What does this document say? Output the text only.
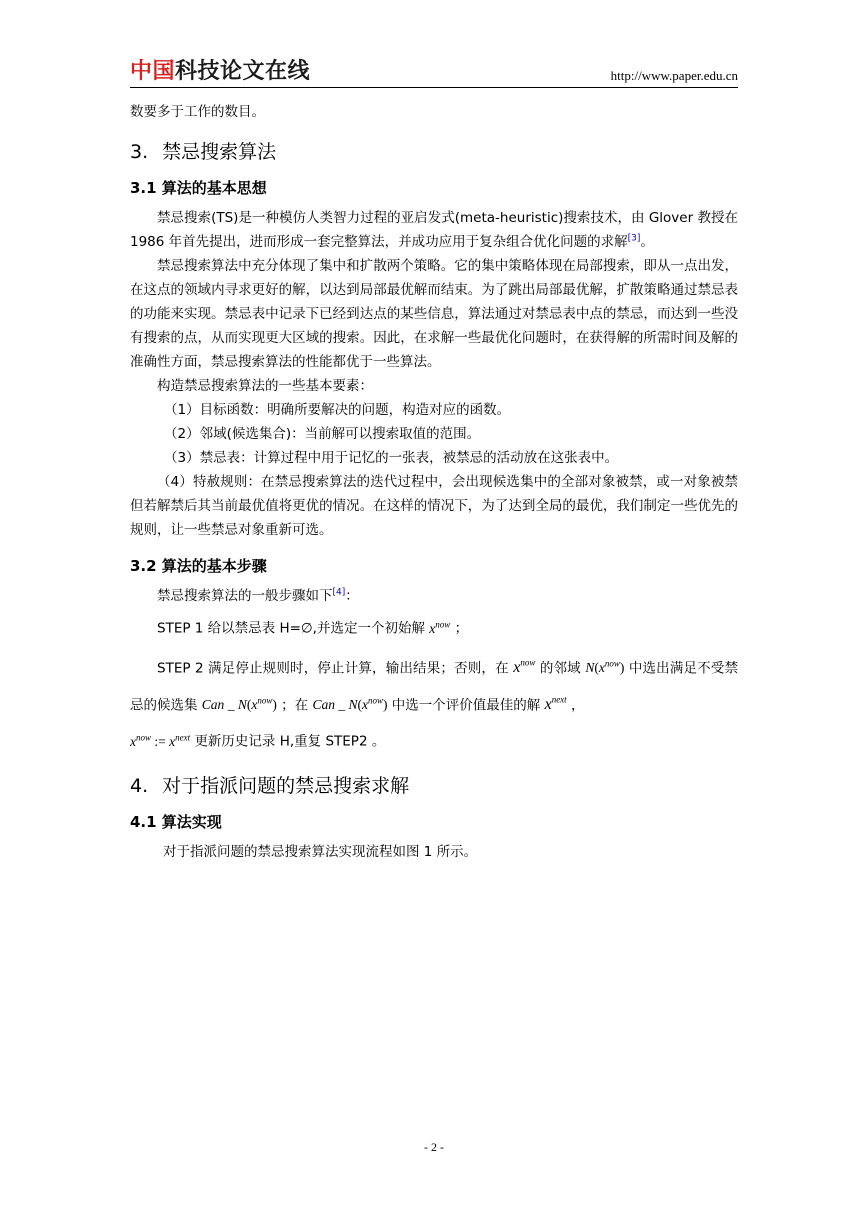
中国科技论文在线	http://www.paper.edu.cn

数要多于工作的数目。

3. 禁忌搜索算法
3.1 算法的基本思想

禁忌搜索(TS)是一种模仿人类智力过程的亚启发式(meta-heuristic)搜索技术，由 Glover 教授在 1986 年首先提出，进而形成一套完整算法，并成功应用于复杂组合优化问题的求解[3]。

禁忌搜索算法中充分体现了集中和扩散两个策略。它的集中策略体现在局部搜索，即从一点出发，在这点的领域内寻求更好的解，以达到局部最优解而结束。为了跳出局部最优解，扩散策略通过禁忌表的功能来实现。禁忌表中记录下已经到达点的某些信息，算法通过对禁忌表中点的禁忌，而达到一些没有搜索的点，从而实现更大区域的搜索。因此，在求解一些最优化问题时，在获得解的所需时间及解的准确性方面，禁忌搜索算法的性能都优于一些算法。

构造禁忌搜索算法的一些基本要素：

（1）目标函数：明确所要解决的问题，构造对应的函数。

（2）邻域(候选集合)：当前解可以搜索取值的范围。

（3）禁忌表：计算过程中用于记忆的一张表，被禁忌的活动放在这张表中。

（4）特赦规则：在禁忌搜索算法的迭代过程中，会出现候选集中的全部对象被禁，或一对象被禁但若解禁后其当前最优值将更优的情况。在这样的情况下，为了达到全局的最优，我们制定一些优先的规则，让一些禁忌对象重新可选。

3.2 算法的基本步骤

禁忌搜索算法的一般步骤如下[4]：

STEP 1 给以禁忌表 H=∅,并选定一个初始解 $x^{now}$ ；

STEP 2 满足停止规则时，停止计算，输出结果；否则，在 $x^{now}$ 的邻域 $N(x^{now})$ 中选出满足不受禁忌的候选集 Can _ $N(x^{now})$ ；在 Can _ $N(x^{now})$ 中选一个评价值最佳的解 $x^{next}$ ，
$x^{now}$ := $x^{next}$ 更新历史记录 H,重复 STEP2 。

4. 对于指派问题的禁忌搜索求解
4.1 算法实现

对于指派问题的禁忌搜索算法实现流程如图 1 所示。

- 2 -
